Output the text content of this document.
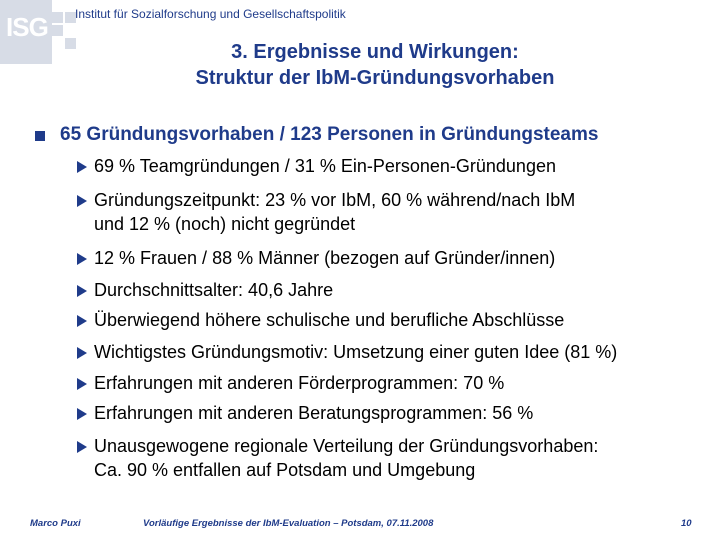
ISG Institut für Sozialforschung und Gesellschaftspolitik
3. Ergebnisse und Wirkungen:
Struktur der IbM-Gründungsvorhaben
65 Gründungsvorhaben / 123 Personen in Gründungsteams
69 % Teamgründungen / 31 % Ein-Personen-Gründungen
Gründungszeitpunkt: 23 % vor IbM, 60 % während/nach IbM
und 12 % (noch) nicht gegründet
12 % Frauen / 88 % Männer (bezogen auf Gründer/innen)
Durchschnittsalter: 40,6 Jahre
Überwiegend höhere schulische und berufliche Abschlüsse
Wichtigstes Gründungsmotiv: Umsetzung einer guten Idee (81 %)
Erfahrungen mit anderen Förderprogrammen: 70 %
Erfahrungen mit anderen Beratungsprogrammen: 56 %
Unausgewogene regionale Verteilung der Gründungsvorhaben:
Ca. 90 % entfallen auf Potsdam und Umgebung
Marco Puxi	Vorläufige Ergebnisse der IbM-Evaluation – Potsdam, 07.11.2008	10
